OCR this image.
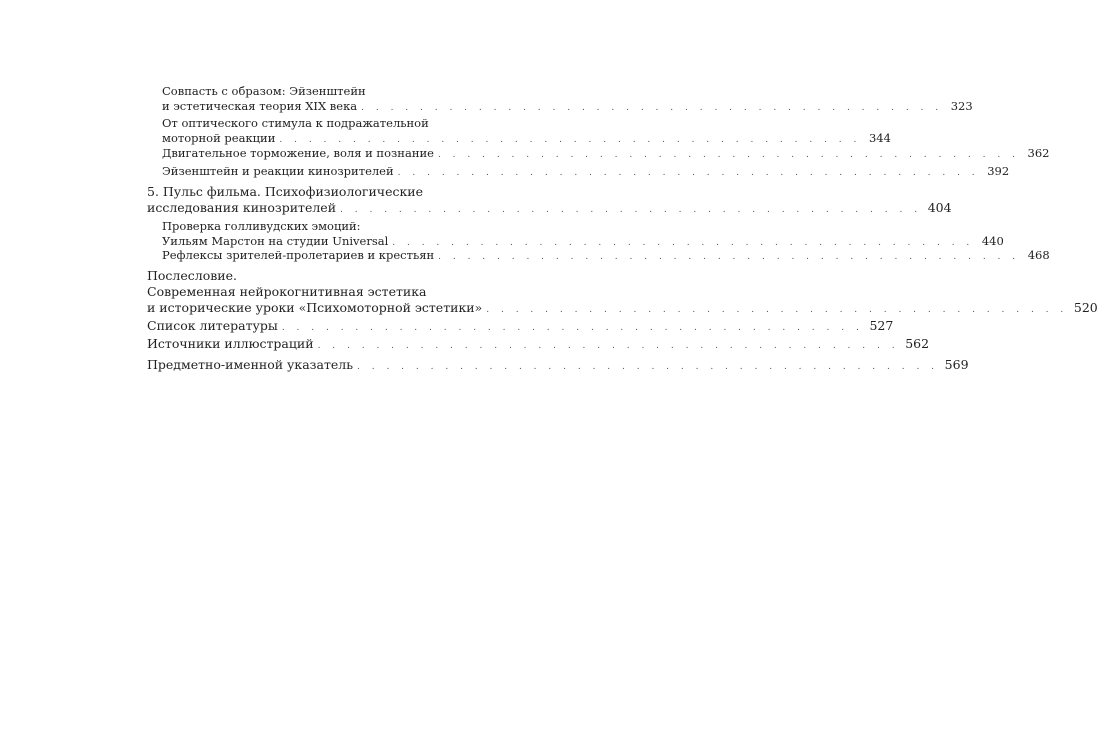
Совпасть с образом: Эйзенштейн
и эстетическая теория XIX века . . . . . . . . . . . . . . . . . . . . . . . . . . . . . . . . . . . . . . . . 323
От оптического стимула к подражательной
моторной реакции . . . . . . . . . . . . . . . . . . . . . . . . . . . . . . . . . . . . . . . . 344
Двигательное торможение, воля и познание . . . . . . . . . . . . . . . . . . . . . . . . . . . . . . . . . . . . . . . . 362
Эйзенштейн и реакции кинозрителей . . . . . . . . . . . . . . . . . . . . . . . . . . . . . . . . . . . . . . . . 392
5. Пульс фильма. Психофизиологические
исследования кинозрителей . . . . . . . . . . . . . . . . . . . . . . . . . . . . . . . . . . . . . . . . 404
Проверка голливудских эмоций:
Уильям Марстон на студии Universal . . . . . . . . . . . . . . . . . . . . . . . . . . . . . . . . . . . . . . . . 440
Рефлексы зрителей-пролетариев и крестьян . . . . . . . . . . . . . . . . . . . . . . . . . . . . . . . . . . . . . . . . 468
Послесловие.
Современная нейрокогнитивная эстетика
и исторические уроки «Психомоторной эстетики» . . . . . . . . . . . . . . . . . . . . . . . . . . . . . . . . . . . . . . . . 520
Список литературы . . . . . . . . . . . . . . . . . . . . . . . . . . . . . . . . . . . . . . . . 527
Источники иллюстраций . . . . . . . . . . . . . . . . . . . . . . . . . . . . . . . . . . . . . . . . 562
Предметно-именной указатель . . . . . . . . . . . . . . . . . . . . . . . . . . . . . . . . . . . . . . . . 569
